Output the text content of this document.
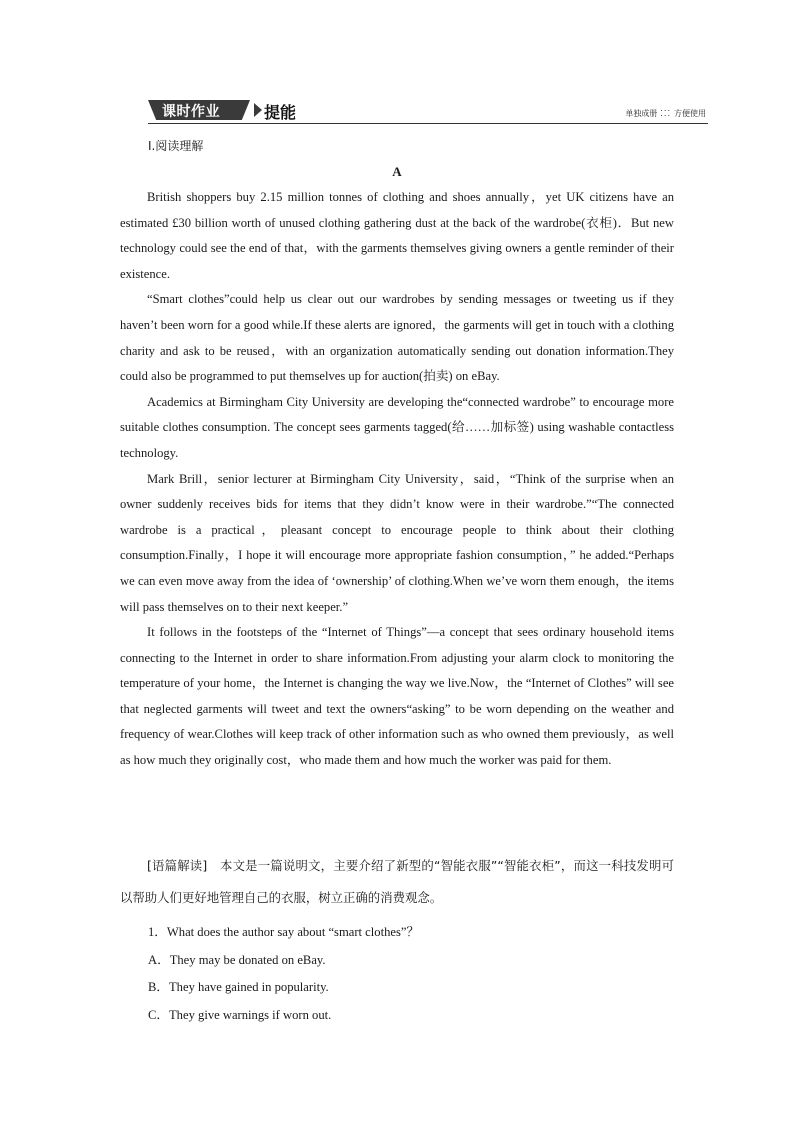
课时作业	提能	单独成册 ⁚⁚⁚ 方便使用
Ⅰ.阅读理解
A

British shoppers buy 2.15 million tonnes of clothing and shoes annually，yet UK citizens have an estimated £30 billion worth of unused clothing gathering dust at the back of the wardrobe(衣柜)．But new technology could see the end of that，with the garments themselves giving owners a gentle reminder of their existence.

“Smart clothes”could help us clear out our wardrobes by sending messages or tweeting us if they haven’t been worn for a good while.If these alerts are ignored，the garments will get in touch with a clothing charity and ask to be reused，with an organization automatically sending out donation information.They could also be programmed to put themselves up for auction(拍卖) on eBay.

Academics at Birmingham City University are developing the“connected wardrobe” to encourage more suitable clothes consumption. The concept sees garments tagged(给……加标签) using washable contactless technology.

Mark Brill，senior lecturer at Birmingham City University，said，“Think of the surprise when an owner suddenly receives bids for items that they didn’t know were in their wardrobe.”“The connected wardrobe is a practical，pleasant concept to encourage people to think about their clothing consumption.Finally，I hope it will encourage more appropriate fashion consumption，” he added.“Perhaps we can even move away from the idea of ‘ownership’ of clothing.When we’ve worn them enough，the items will pass themselves on to their next keeper.”

It follows in the footsteps of the “Internet of Things”—a concept that sees ordinary household items connecting to the Internet in order to share information.From adjusting your alarm clock to monitoring the temperature of your home，the Internet is changing the way we live.Now，the “Internet of Clothes” will see that neglected garments will tweet and text the owners“asking” to be worn depending on the weather and frequency of wear.Clothes will keep track of other information such as who owned them previously，as well as how much they originally cost，who made them and how much the worker was paid for them.

[语篇解读]　本文是一篇说明文，主要介绍了新型的“智能衣服”“智能衣柜”，而这一科技发明可以帮助人们更好地管理自己的衣服，树立正确的消费观念。

1．What does the author say about “smart clothes”？
A．They may be donated on eBay.
B．They have gained in popularity.
C．They give warnings if worn out.
